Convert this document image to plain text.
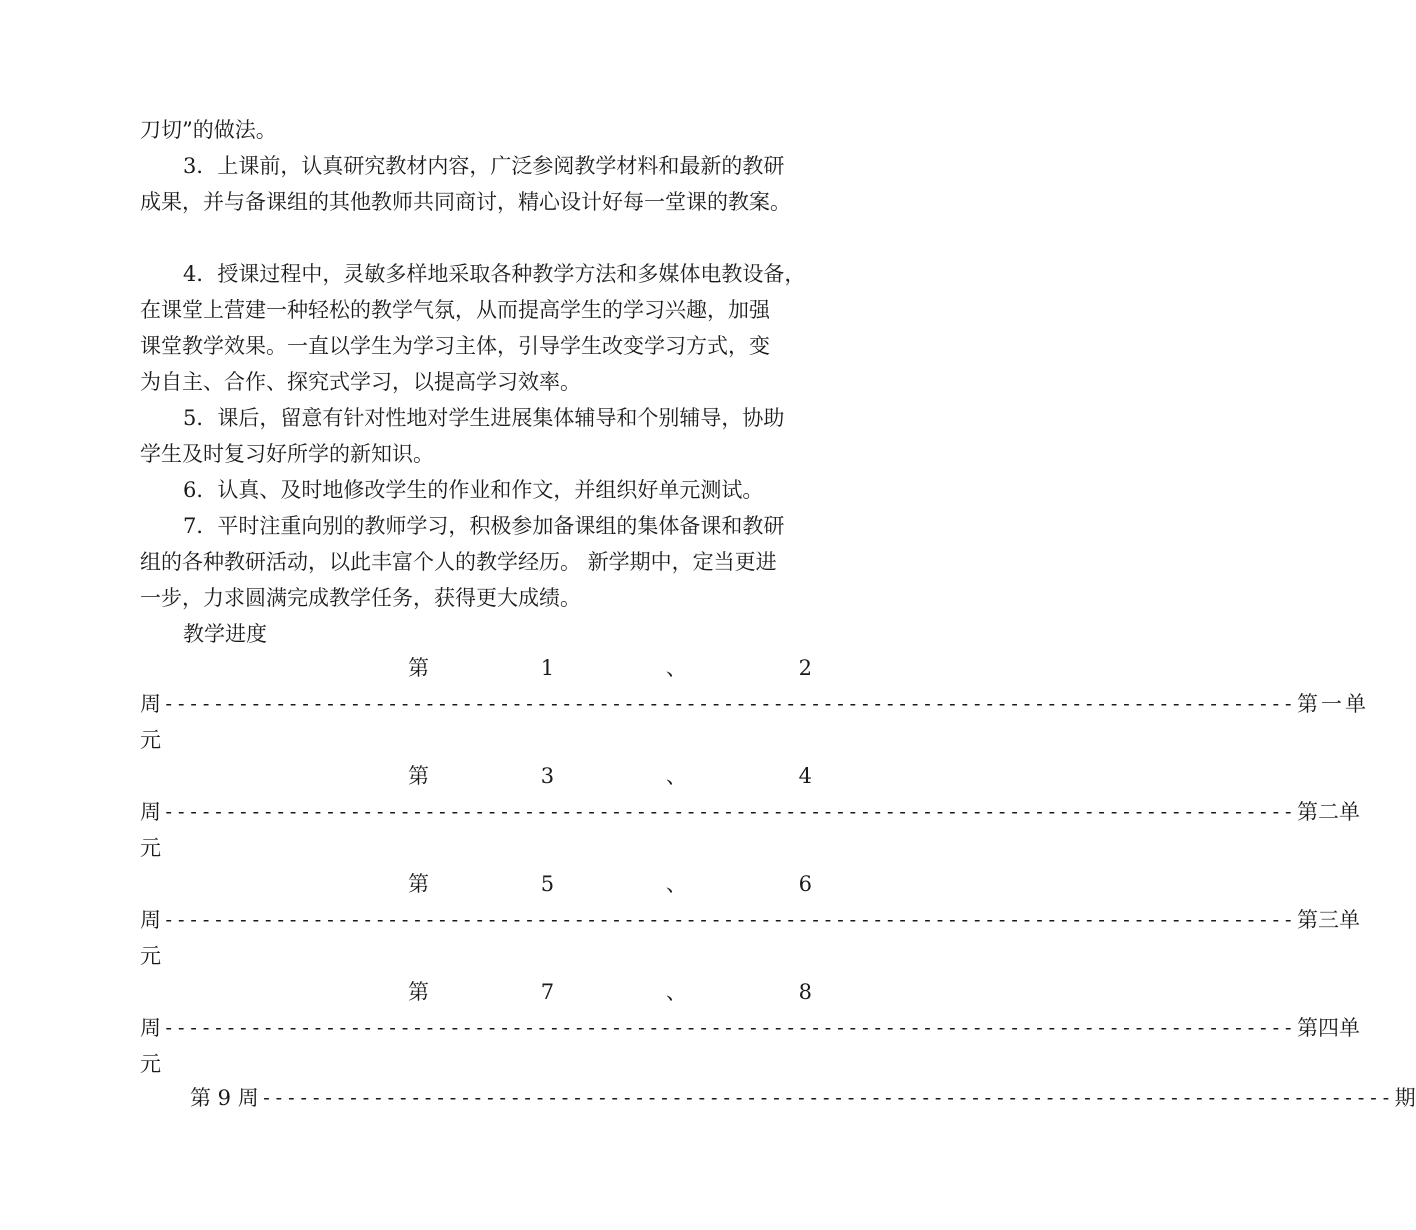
刀切”的做法。
3．上课前，认真研究教材内容，广泛参阅教学材料和最新的教研
成果，并与备课组的其他教师共同商讨，精心设计好每一堂课的教案。
4．授课过程中，灵敏多样地采取各种教学方法和多媒体电教设备，
在课堂上营建一种轻松的教学气氛，从而提高学生的学习兴趣，加强
课堂教学效果。一直以学生为学习主体，引导学生改变学习方式，变
为自主、合作、探究式学习，以提高学习效率。
5．课后，留意有针对性地对学生进展集体辅导和个别辅导，协助
学生及时复习好所学的新知识。
6．认真、及时地修改学生的作业和作文，并组织好单元测试。
7．平时注重向别的教师学习，积极参加备课组的集体备课和教研
组的各种教研活动，以此丰富个人的教学经历。 新学期中，定当更进
一步，力求圆满完成教学任务，获得更大成绩。
教学进度
第	1	、	2
周 ------------------------------------------------------------------------------------------- 第一单
元
第	3	、	4
周 ------------------------------------------------------------------------------------------- 第二单
元
第	5	、	6
周 ------------------------------------------------------------------------------------------- 第三单
元
第	7	、	8
周 ------------------------------------------------------------------------------------------- 第四单
元
第 9 周 ------------------------------------------------------------------------------------------- 期
